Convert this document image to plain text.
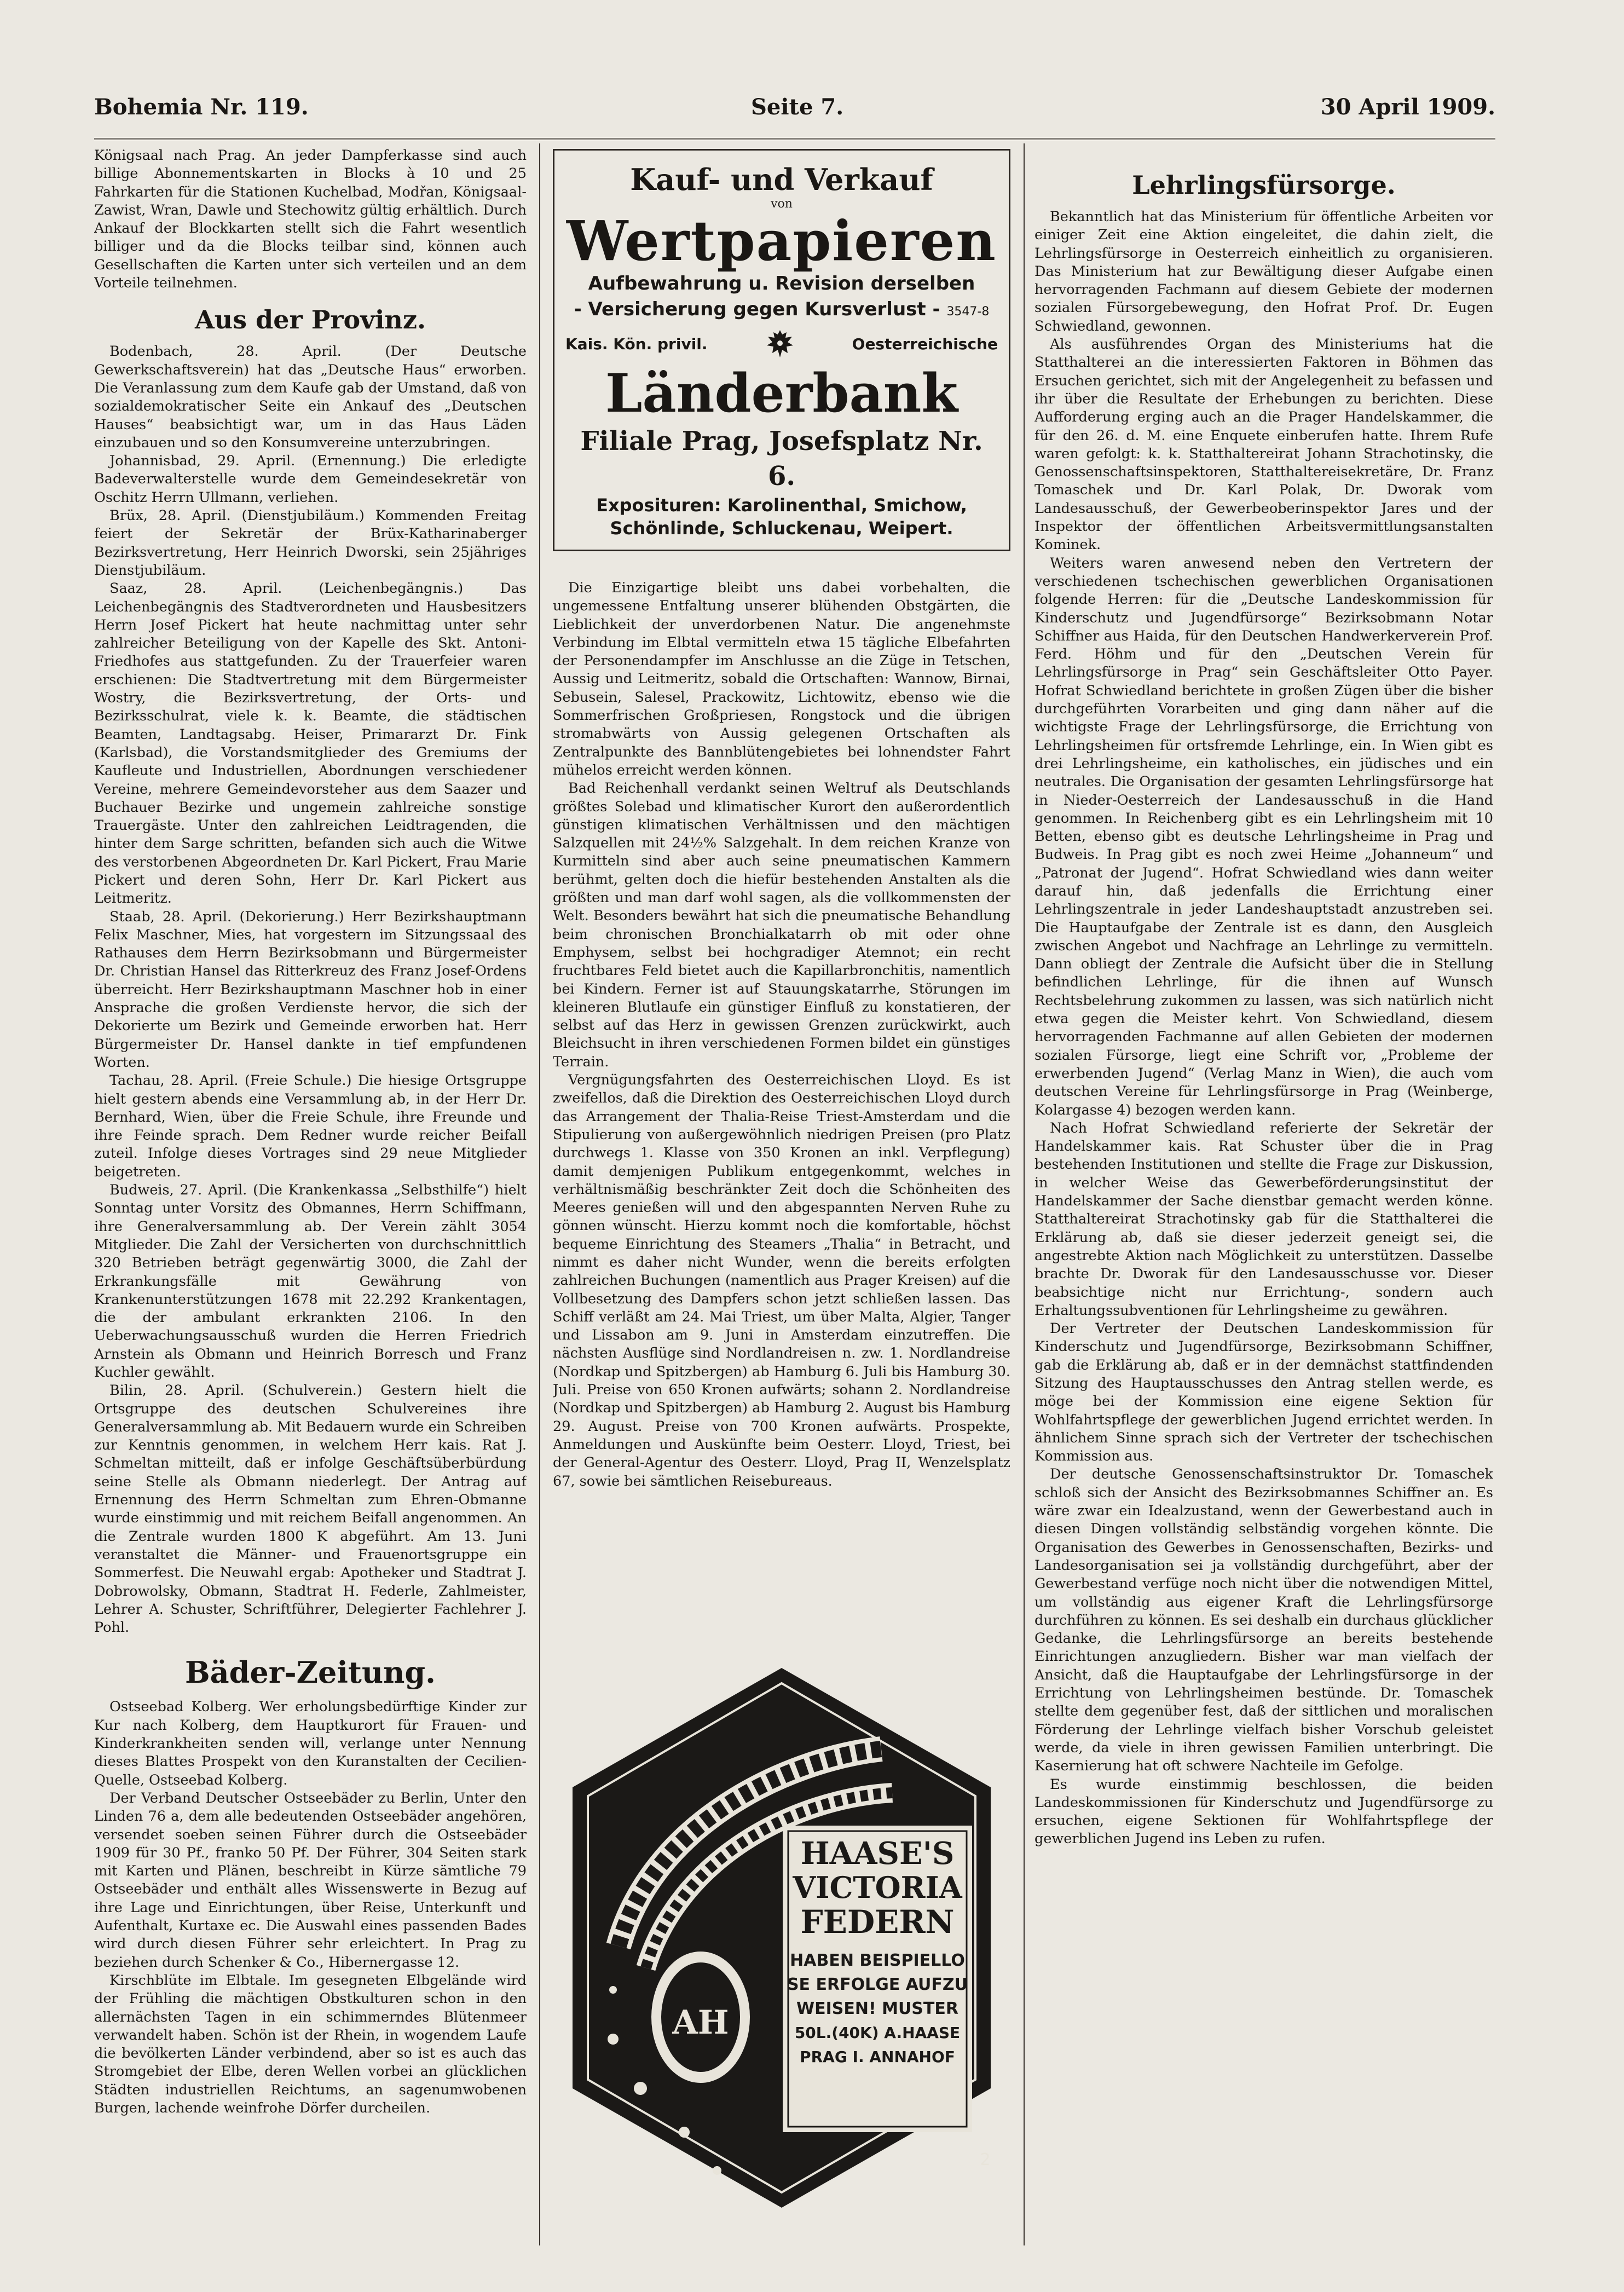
Bohemia Nr. 119.	Seite 7.	30 April 1909.

Königsaal nach Prag. An jeder Dampferkasse sind auch billige Abonnementskarten in Blocks à 10 und 25 Fahrkarten für die Stationen Kuchelbad, Modřan, Königsaal-Zawist, Wran, Dawle und Stechowitz gültig erhältlich. Durch Ankauf der Blockkarten stellt sich die Fahrt wesentlich billiger und da die Blocks teilbar sind, können auch Gesellschaften die Karten unter sich verteilen und an dem Vorteile teilnehmen.

Aus der Provinz.

Bodenbach, 28. April. (Der Deutsche Gewerkschaftsverein) hat das „Deutsche Haus“ erworben. Die Veranlassung zum dem Kaufe gab der Umstand, daß von sozialdemokratischer Seite ein Ankauf des „Deutschen Hauses“ beabsichtigt war, um in das Haus Läden einzubauen und so den Konsumvereine unterzubringen.

Johannisbad, 29. April. (Ernennung.) Die erledigte Badeverwalterstelle wurde dem Gemeindesekretär von Oschitz Herrn Ullmann, verliehen.

Brüx, 28. April. (Dienstjubiläum.) Kommenden Freitag feiert der Sekretär der Brüx-Katharinaberger Bezirksvertretung, Herr Heinrich Dworski, sein 25jähriges Dienstjubiläum.

Saaz, 28. April. (Leichenbegängnis.) Das Leichenbegängnis des Stadtverordneten und Hausbesitzers Herrn Josef Pickert hat heute nachmittag unter sehr zahlreicher Beteiligung von der Kapelle des Skt. Antoni-Friedhofes aus stattgefunden. Zu der Trauerfeier waren erschienen: Die Stadtvertretung mit dem Bürgermeister Wostry, die Bezirksvertretung, der Orts- und Bezirksschulrat, viele k. k. Beamte, die städtischen Beamten, Landtagsabg. Heiser, Primararzt Dr. Fink (Karlsbad), die Vorstandsmitglieder des Gremiums der Kaufleute und Industriellen, Abordnungen verschiedener Vereine, mehrere Gemeindevorsteher aus dem Saazer und Buchauer Bezirke und ungemein zahlreiche sonstige Trauergäste. Unter den zahlreichen Leidtragenden, die hinter dem Sarge schritten, befanden sich auch die Witwe des verstorbenen Abgeordneten Dr. Karl Pickert, Frau Marie Pickert und deren Sohn, Herr Dr. Karl Pickert aus Leitmeritz.

Staab, 28. April. (Dekorierung.) Herr Bezirkshauptmann Felix Maschner, Mies, hat vorgestern im Sitzungssaal des Rathauses dem Herrn Bezirksobmann und Bürgermeister Dr. Christian Hansel das Ritterkreuz des Franz Josef-Ordens überreicht. Herr Bezirkshauptmann Maschner hob in einer Ansprache die großen Verdienste hervor, die sich der Dekorierte um Bezirk und Gemeinde erworben hat. Herr Bürgermeister Dr. Hansel dankte in tief empfundenen Worten.

Tachau, 28. April. (Freie Schule.) Die hiesige Ortsgruppe hielt gestern abends eine Versammlung ab, in der Herr Dr. Bernhard, Wien, über die Freie Schule, ihre Freunde und ihre Feinde sprach. Dem Redner wurde reicher Beifall zuteil. Infolge dieses Vortrages sind 29 neue Mitglieder beigetreten.

Budweis, 27. April. (Die Krankenkassa „Selbsthilfe“) hielt Sonntag unter Vorsitz des Obmannes, Herrn Schiffmann, ihre Generalversammlung ab. Der Verein zählt 3054 Mitglieder. Die Zahl der Versicherten von durchschnittlich 320 Betrieben beträgt gegenwärtig 3000, die Zahl der Erkrankungsfälle mit Gewährung von Krankenunterstützungen 1678 mit 22.292 Krankentagen, die der ambulant erkrankten 2106. In den Ueberwachungsausschuß wurden die Herren Friedrich Arnstein als Obmann und Heinrich Borresch und Franz Kuchler gewählt.

Bilin, 28. April. (Schulverein.) Gestern hielt die Ortsgruppe des deutschen Schulvereines ihre Generalversammlung ab. Mit Bedauern wurde ein Schreiben zur Kenntnis genommen, in welchem Herr kais. Rat J. Schmeltan mitteilt, daß er infolge Geschäftsüberbürdung seine Stelle als Obmann niederlegt. Der Antrag auf Ernennung des Herrn Schmeltan zum Ehren-Obmanne wurde einstimmig und mit reichem Beifall angenommen. An die Zentrale wurden 1800 K abgeführt. Am 13. Juni veranstaltet die Männer- und Frauenortsgruppe ein Sommerfest. Die Neuwahl ergab: Apotheker und Stadtrat J. Dobrowolsky, Obmann, Stadtrat H. Federle, Zahlmeister, Lehrer A. Schuster, Schriftführer, Delegierter Fachlehrer J. Pohl.

Bäder-Zeitung.

Ostseebad Kolberg. Wer erholungsbedürftige Kinder zur Kur nach Kolberg, dem Hauptkurort für Frauen- und Kinderkrankheiten senden will, verlange unter Nennung dieses Blattes Prospekt von den Kuranstalten der Cecilien-Quelle, Ostseebad Kolberg.

Der Verband Deutscher Ostseebäder zu Berlin, Unter den Linden 76 a, dem alle bedeutenden Ostseebäder angehören, versendet soeben seinen Führer durch die Ostseebäder 1909 für 30 Pf., franko 50 Pf. Der Führer, 304 Seiten stark mit Karten und Plänen, beschreibt in Kürze sämtliche 79 Ostseebäder und enthält alles Wissenswerte in Bezug auf ihre Lage und Einrichtungen, über Reise, Unterkunft und Aufenthalt, Kurtaxe ec. Die Auswahl eines passenden Bades wird durch diesen Führer sehr erleichtert. In Prag zu beziehen durch Schenker & Co., Hibernergasse 12.

Kirschblüte im Elbtale. Im gesegneten Elbgelände wird der Frühling die mächtigen Obstkulturen schon in den allernächsten Tagen in ein schimmerndes Blütenmeer verwandelt haben. Schön ist der Rhein, in wogendem Laufe die bevölkerten Länder verbindend, aber so ist es auch das Stromgebiet der Elbe, deren Wellen vorbei an glücklichen Städten industriellen Reichtums, an sagenumwobenen Burgen, lachende weinfrohe Dörfer durcheilen.

Kauf- und Verkauf
von
Wertpapieren
Aufbewahrung u. Revision derselben
- Versicherung gegen Kursverlust - 3547-8
Kais. Kön. privil.	Oesterreichische
Länderbank
Filiale Prag, Josefsplatz Nr. 6.
Exposituren: Karolinenthal, Smichow, Schönlinde, Schluckenau, Weipert.

Die Einzigartige bleibt uns dabei vorbehalten, die ungemessene Entfaltung unserer blühenden Obstgärten, die Lieblichkeit der unverdorbenen Natur. Die angenehmste Verbindung im Elbtal vermitteln etwa 15 tägliche Elbefahrten der Personendampfer im Anschlusse an die Züge in Tetschen, Aussig und Leitmeritz, sobald die Ortschaften: Wannow, Birnai, Sebusein, Salesel, Prackowitz, Lichtowitz, ebenso wie die Sommerfrischen Großpriesen, Rongstock und die übrigen stromabwärts von Aussig gelegenen Ortschaften als Zentralpunkte des Bannblütengebietes bei lohnendster Fahrt mühelos erreicht werden können.

Bad Reichenhall verdankt seinen Weltruf als Deutschlands größtes Solebad und klimatischer Kurort den außerordentlich günstigen klimatischen Verhältnissen und den mächtigen Salzquellen mit 24⅟₂% Salzgehalt. In dem reichen Kranze von Kurmitteln sind aber auch seine pneumatischen Kammern berühmt, gelten doch die hiefür bestehenden Anstalten als die größten und man darf wohl sagen, als die vollkommensten der Welt. Besonders bewährt hat sich die pneumatische Behandlung beim chronischen Bronchialkatarrh ob mit oder ohne Emphysem, selbst bei hochgradiger Atemnot; ein recht fruchtbares Feld bietet auch die Kapillarbronchitis, namentlich bei Kindern. Ferner ist auf Stauungskatarrhe, Störungen im kleineren Blutlaufe ein günstiger Einfluß zu konstatieren, der selbst auf das Herz in gewissen Grenzen zurückwirkt, auch Bleichsucht in ihren verschiedenen Formen bildet ein günstiges Terrain.

Vergnügungsfahrten des Oesterreichischen Lloyd. Es ist zweifellos, daß die Direktion des Oesterreichischen Lloyd durch das Arrangement der Thalia-Reise Triest-Amsterdam und die Stipulierung von außergewöhnlich niedrigen Preisen (pro Platz durchwegs 1. Klasse von 350 Kronen an inkl. Verpflegung) damit demjenigen Publikum entgegenkommt, welches in verhältnismäßig beschränkter Zeit doch die Schönheiten des Meeres genießen will und den abgespannten Nerven Ruhe zu gönnen wünscht. Hierzu kommt noch die komfortable, höchst bequeme Einrichtung des Steamers „Thalia“ in Betracht, und nimmt es daher nicht Wunder, wenn die bereits erfolgten zahlreichen Buchungen (namentlich aus Prager Kreisen) auf die Vollbesetzung des Dampfers schon jetzt schließen lassen. Das Schiff verläßt am 24. Mai Triest, um über Malta, Algier, Tanger und Lissabon am 9. Juni in Amsterdam einzutreffen. Die nächsten Ausflüge sind Nordlandreisen n. zw. 1. Nordlandreise (Nordkap und Spitzbergen) ab Hamburg 6. Juli bis Hamburg 30. Juli. Preise von 650 Kronen aufwärts; sohann 2. Nordlandreise (Nordkap und Spitzbergen) ab Hamburg 2. August bis Hamburg 29. August. Preise von 700 Kronen aufwärts. Prospekte, Anmeldungen und Auskünfte beim Oesterr. Lloyd, Triest, bei der General-Agentur des Oesterr. Lloyd, Prag II, Wenzelsplatz 67, sowie bei sämtlichen Reisebureaus.

AH
HAASE'S
VICTORIA
FEDERN
HABEN BEISPIELLO
SE ERFOLGE AUFZU
WEISEN! MUSTER
50L.(40K) A.HAASE
PRAG I. ANNAHOF
2
Lehrlingsfürsorge.

Bekanntlich hat das Ministerium für öffentliche Arbeiten vor einiger Zeit eine Aktion eingeleitet, die dahin zielt, die Lehrlingsfürsorge in Oesterreich einheitlich zu organisieren. Das Ministerium hat zur Bewältigung dieser Aufgabe einen hervorragenden Fachmann auf diesem Gebiete der modernen sozialen Fürsorgebewegung, den Hofrat Prof. Dr. Eugen Schwiedland, gewonnen.

Als ausführendes Organ des Ministeriums hat die Statthalterei an die interessierten Faktoren in Böhmen das Ersuchen gerichtet, sich mit der Angelegenheit zu befassen und ihr über die Resultate der Erhebungen zu berichten. Diese Aufforderung erging auch an die Prager Handelskammer, die für den 26. d. M. eine Enquete einberufen hatte. Ihrem Rufe waren gefolgt: k. k. Statthaltereirat Johann Strachotinsky, die Genossenschaftsinspektoren, Statthaltereisekretäre, Dr. Franz Tomaschek und Dr. Karl Polak, Dr. Dworak vom Landesausschuß, der Gewerbeoberinspektor Jares und der Inspektor der öffentlichen Arbeitsvermittlungsanstalten Kominek.

Weiters waren anwesend neben den Vertretern der verschiedenen tschechischen gewerblichen Organisationen folgende Herren: für die „Deutsche Landeskommission für Kinderschutz und Jugendfürsorge“ Bezirksobmann Notar Schiffner aus Haida, für den Deutschen Handwerkerverein Prof. Ferd. Höhm und für den „Deutschen Verein für Lehrlingsfürsorge in Prag“ sein Geschäftsleiter Otto Payer. Hofrat Schwiedland berichtete in großen Zügen über die bisher durchgeführten Vorarbeiten und ging dann näher auf die wichtigste Frage der Lehrlingsfürsorge, die Errichtung von Lehrlingsheimen für ortsfremde Lehrlinge, ein. In Wien gibt es drei Lehrlingsheime, ein katholisches, ein jüdisches und ein neutrales. Die Organisation der gesamten Lehrlingsfürsorge hat in Nieder-Oesterreich der Landesausschuß in die Hand genommen. In Reichenberg gibt es ein Lehrlingsheim mit 10 Betten, ebenso gibt es deutsche Lehrlingsheime in Prag und Budweis. In Prag gibt es noch zwei Heime „Johanneum“ und „Patronat der Jugend“. Hofrat Schwiedland wies dann weiter darauf hin, daß jedenfalls die Errichtung einer Lehrlingszentrale in jeder Landeshauptstadt anzustreben sei. Die Hauptaufgabe der Zentrale ist es dann, den Ausgleich zwischen Angebot und Nachfrage an Lehrlinge zu vermitteln. Dann obliegt der Zentrale die Aufsicht über die in Stellung befindlichen Lehrlinge, für die ihnen auf Wunsch Rechtsbelehrung zukommen zu lassen, was sich natürlich nicht etwa gegen die Meister kehrt. Von Schwiedland, diesem hervorragenden Fachmanne auf allen Gebieten der modernen sozialen Fürsorge, liegt eine Schrift vor, „Probleme der erwerbenden Jugend“ (Verlag Manz in Wien), die auch vom deutschen Vereine für Lehrlingsfürsorge in Prag (Weinberge, Kolargasse 4) bezogen werden kann.

Nach Hofrat Schwiedland referierte der Sekretär der Handelskammer kais. Rat Schuster über die in Prag bestehenden Institutionen und stellte die Frage zur Diskussion, in welcher Weise das Gewerbeförderungsinstitut der Handelskammer der Sache dienstbar gemacht werden könne. Statthaltereirat Strachotinsky gab für die Statthalterei die Erklärung ab, daß sie dieser jederzeit geneigt sei, die angestrebte Aktion nach Möglichkeit zu unterstützen. Dasselbe brachte Dr. Dworak für den Landesausschusse vor. Dieser beabsichtige nicht nur Errichtung-, sondern auch Erhaltungssubventionen für Lehrlingsheime zu gewähren.

Der Vertreter der Deutschen Landeskommission für Kinderschutz und Jugendfürsorge, Bezirksobmann Schiffner, gab die Erklärung ab, daß er in der demnächst stattfindenden Sitzung des Hauptausschusses den Antrag stellen werde, es möge bei der Kommission eine eigene Sektion für Wohlfahrtspflege der gewerblichen Jugend errichtet werden. In ähnlichem Sinne sprach sich der Vertreter der tschechischen Kommission aus.

Der deutsche Genossenschaftsinstruktor Dr. Tomaschek schloß sich der Ansicht des Bezirksobmannes Schiffner an. Es wäre zwar ein Idealzustand, wenn der Gewerbestand auch in diesen Dingen vollständig selbständig vorgehen könnte. Die Organisation des Gewerbes in Genossenschaften, Bezirks- und Landesorganisation sei ja vollständig durchgeführt, aber der Gewerbestand verfüge noch nicht über die notwendigen Mittel, um vollständig aus eigener Kraft die Lehrlingsfürsorge durchführen zu können. Es sei deshalb ein durchaus glücklicher Gedanke, die Lehrlingsfürsorge an bereits bestehende Einrichtungen anzugliedern. Bisher war man vielfach der Ansicht, daß die Hauptaufgabe der Lehrlingsfürsorge in der Errichtung von Lehrlingsheimen bestünde. Dr. Tomaschek stellte dem gegenüber fest, daß der sittlichen und moralischen Förderung der Lehrlinge vielfach bisher Vorschub geleistet werde, da viele in ihren gewissen Familien unterbringt. Die Kasernierung hat oft schwere Nachteile im Gefolge.

Es wurde einstimmig beschlossen, die beiden Landeskommissionen für Kinderschutz und Jugendfürsorge zu ersuchen, eigene Sektionen für Wohlfahrtspflege der gewerblichen Jugend ins Leben zu rufen.
